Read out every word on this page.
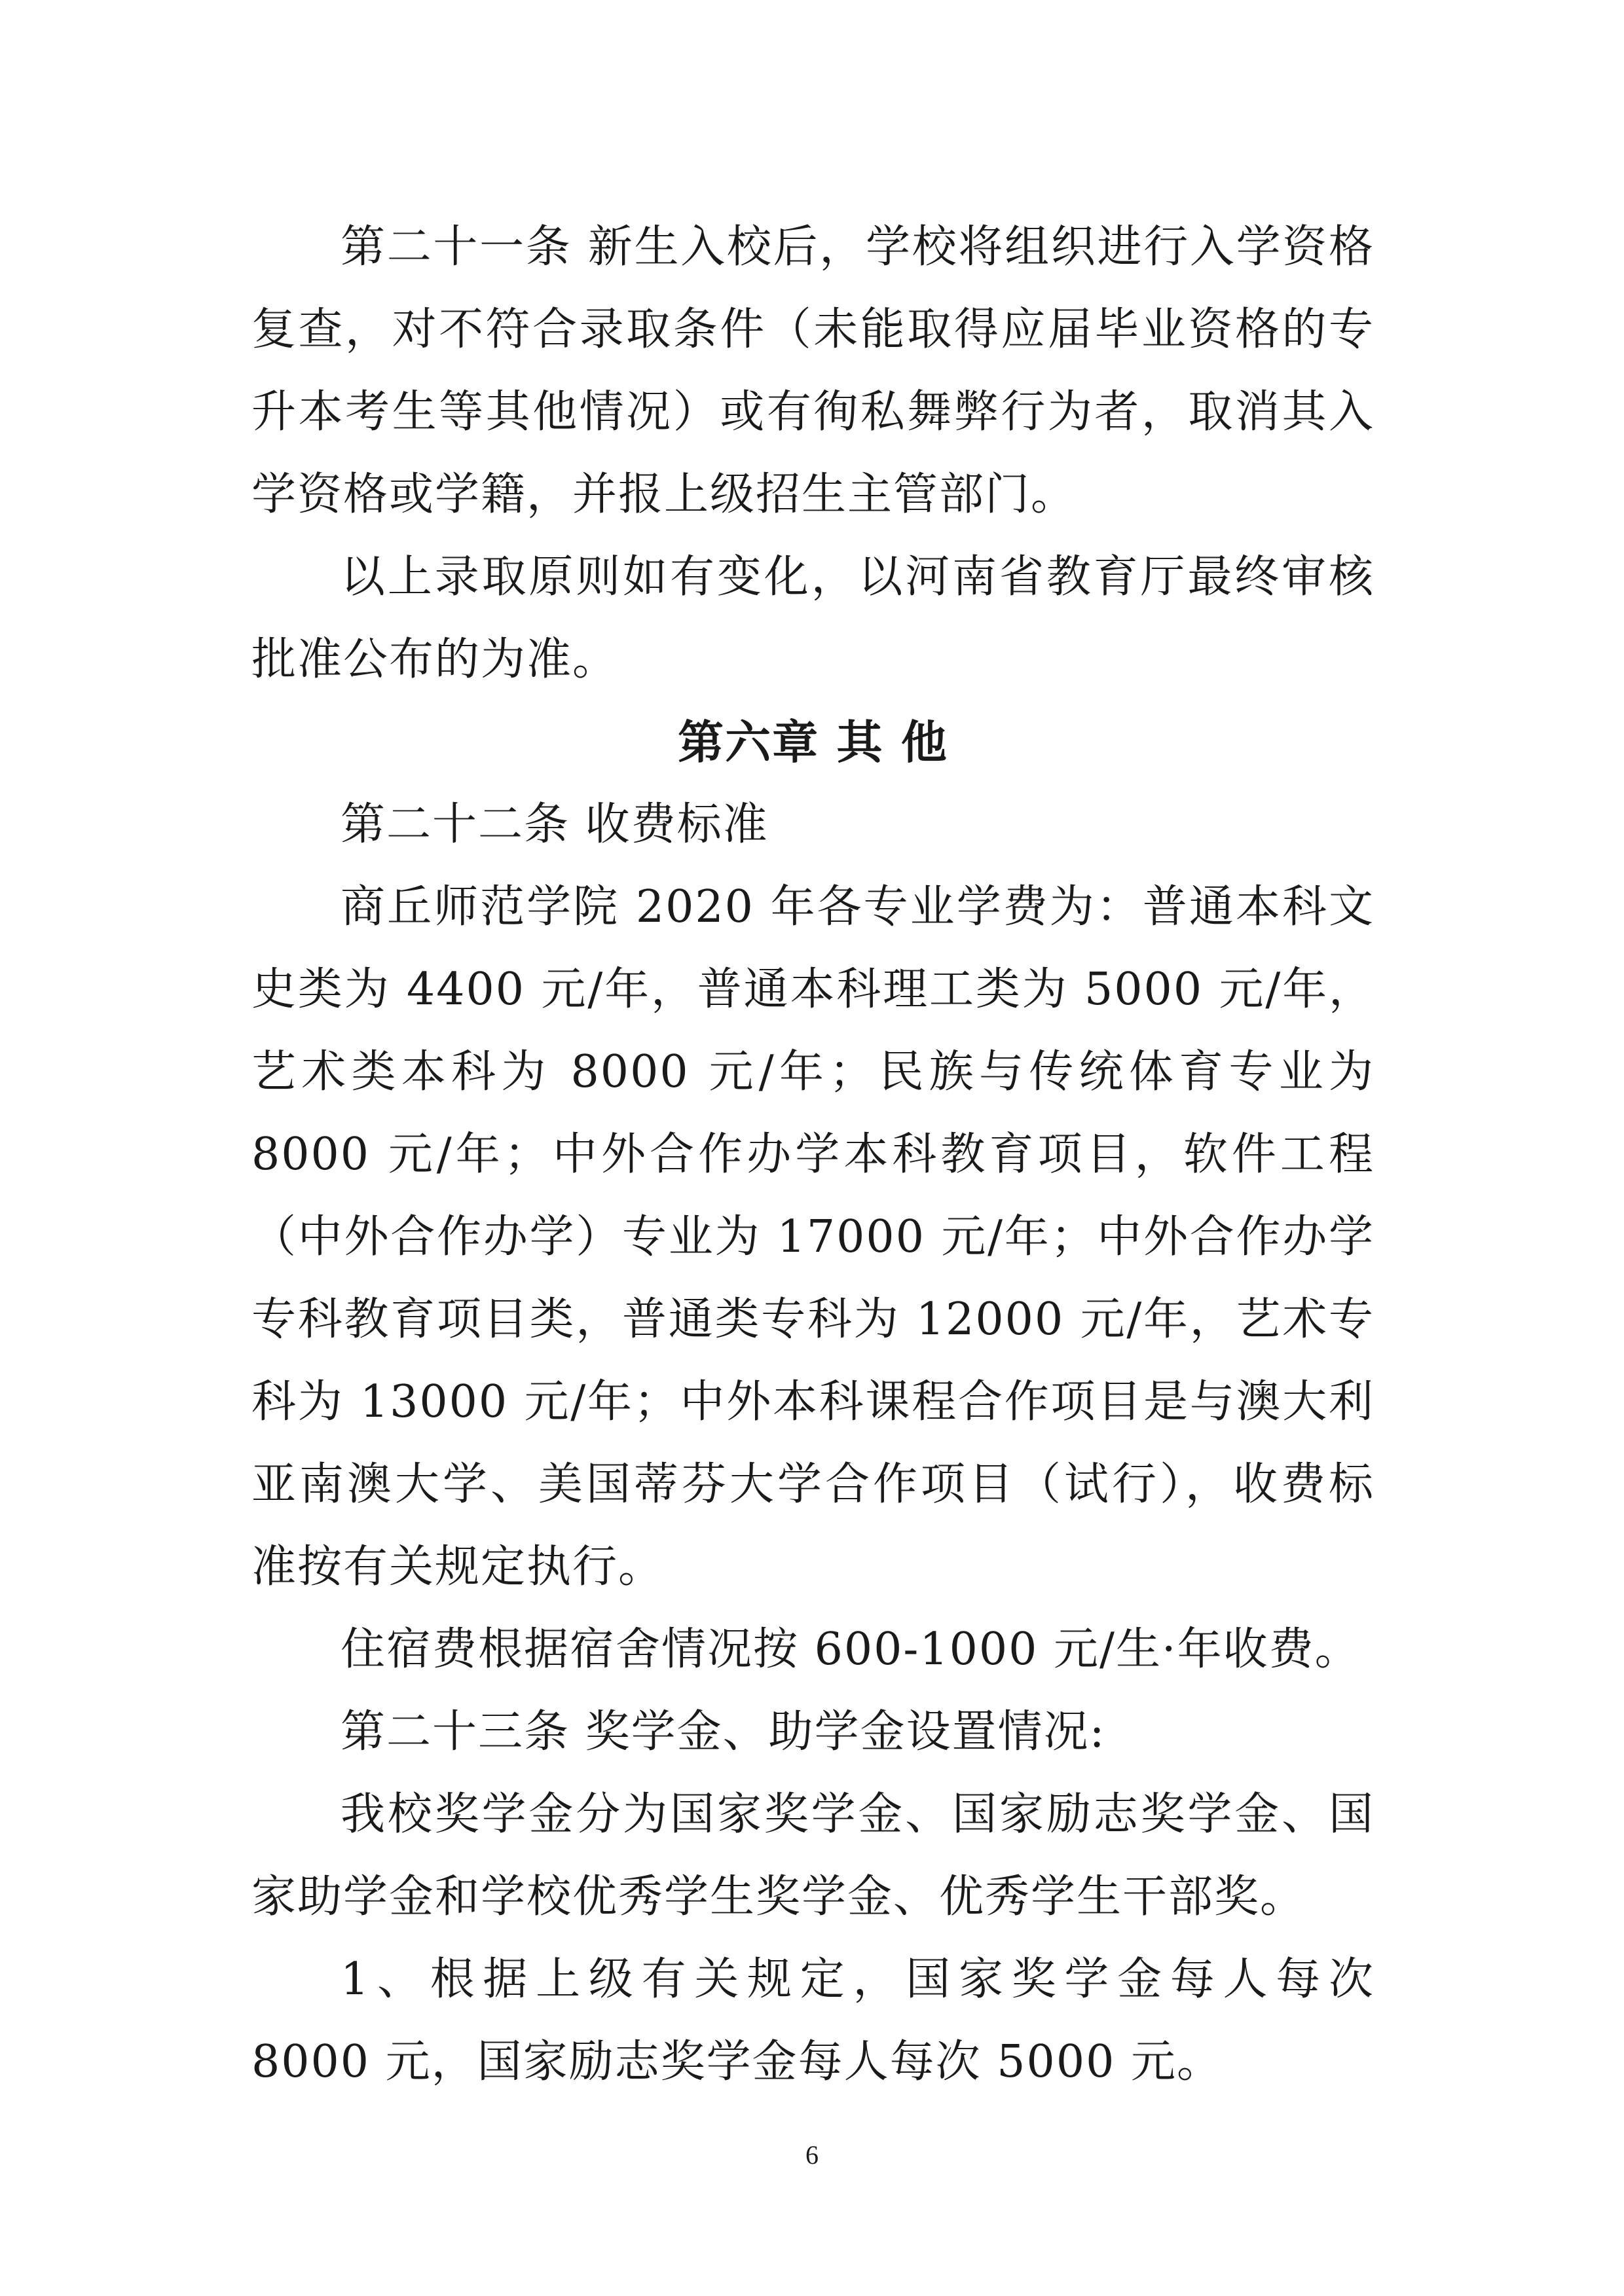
第二十一条 新生入校后，学校将组织进行入学资格复查，对不符合录取条件（未能取得应届毕业资格的专升本考生等其他情况）或有徇私舞弊行为者，取消其入学资格或学籍，并报上级招生主管部门。

以上录取原则如有变化，以河南省教育厅最终审核批准公布的为准。

第六章 其 他

第二十二条 收费标准

商丘师范学院 2020 年各专业学费为：普通本科文史类为 4400 元/年，普通本科理工类为 5000 元/年，艺术类本科为 8000 元/年；民族与传统体育专业为 8000 元/年；中外合作办学本科教育项目，软件工程（中外合作办学）专业为 17000 元/年；中外合作办学专科教育项目类，普通类专科为 12000 元/年，艺术专科为 13000 元/年；中外本科课程合作项目是与澳大利亚南澳大学、美国蒂芬大学合作项目（试行），收费标准按有关规定执行。

住宿费根据宿舍情况按 600-1000 元/生·年收费。

第二十三条 奖学金、助学金设置情况:

我校奖学金分为国家奖学金、国家励志奖学金、国家助学金和学校优秀学生奖学金、优秀学生干部奖。

1、根据上级有关规定，国家奖学金每人每次 8000 元，国家励志奖学金每人每次 5000 元。

6
